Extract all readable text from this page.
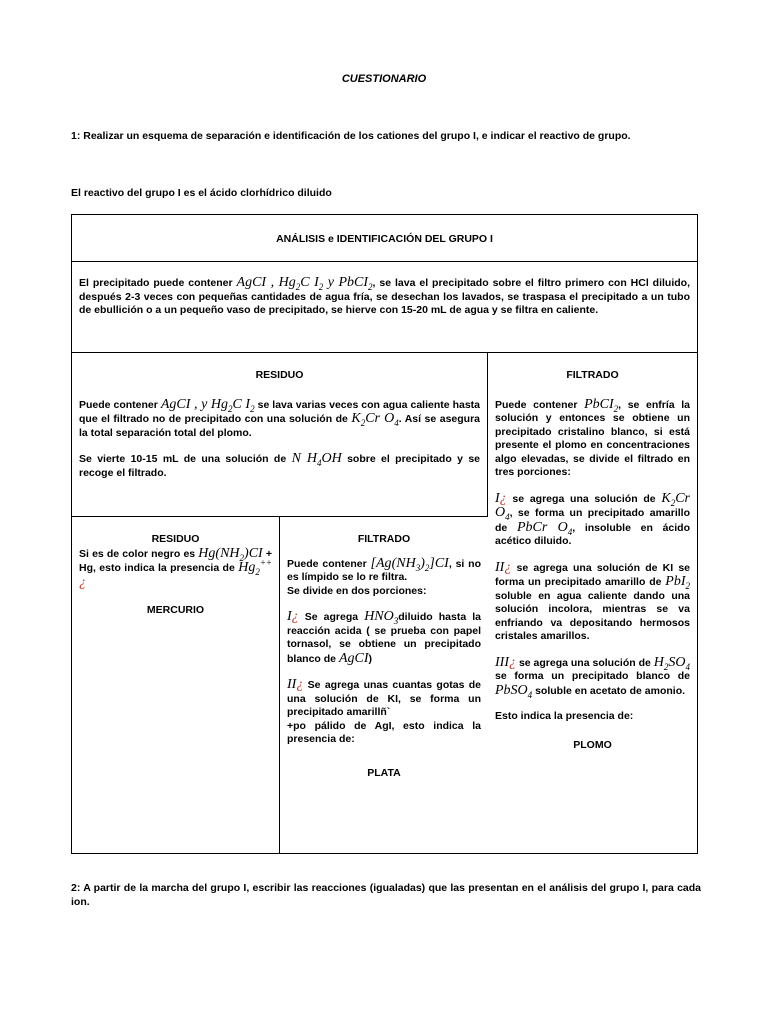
CUESTIONARIO
1: Realizar un esquema de separación e identificación de los cationes del grupo I, e indicar el reactivo de grupo.
El reactivo del grupo I es el ácido clorhídrico diluido
ANÁLISIS e IDENTIFICACIÓN DEL GRUPO I
El precipitado puede contener AgCI , $Hg_2C$ $I_2$ y PbCI$_2$, se lava el precipitado sobre el filtro primero con HCl diluido, después 2-3 veces con pequeñas cantidades de agua fría, se desechan los lavados, se traspasa el precipitado a un tubo de ebullición o a un pequeño vaso de precipitado, se hierve con 15-20 mL de agua y se filtra en caliente.

RESIDUO

Puede contener AgCI , y $Hg_2C$ $I_2$ se lava varias veces con agua caliente hasta que el filtrado no de precipitado con una solución de $K_2Cr$ $O_4$. Así se asegura la total separación total del plomo.

Se vierte 10-15 mL de una solución de N $H_4OH$ sobre el precipitado y se recoge el filtrado.

FILTRADO

Puede contener PbCI$_2$, se enfría la solución y entonces se obtiene un precipitado cristalino blanco, si está presente el plomo en concentraciones algo elevadas, se divide el filtrado en tres porciones:

I¿ se agrega una solución de $K_2Cr$ $O_4$, se forma un precipitado amarillo de PbCr $O_4$, insoluble en ácido acético diluido.

II¿ se agrega una solución de KI se forma un precipitado amarillo de PbI$_2$ soluble en agua caliente dando una solución incolora, mientras se va enfriando va depositando hermosos cristales amarillos.

III¿ se agrega una solución de $H_2SO_4$ se forma un precipitado blanco de PbSO$_4$ soluble en acetato de amonio.

Esto indica la presencia de:

PLOMO

RESIDUO

Si es de color negro es $Hg(NH_2)CI + Hg$, esto indica la presencia de $Hg_2^{++}¿$

MERCURIO

FILTRADO

Puede contener $[Ag(NH_3)_2]CI$, si no es límpido se lo re filtra.

Se divide en dos porciones:

I¿ Se agrega $HNO_3diluido$ hasta la reacción acida ( se prueba con papel tornasol, se obtiene un precipitado blanco de AgCI)

II¿ Se agrega unas cuantas gotas de una solución de KI, se forma un precipitado amarillñ`
+po pálido de AgI, esto indica la presencia de:

PLATA

2: A partir de la marcha del grupo I, escribir las reacciones (igualadas) que las presentan en el análisis del grupo I, para cada ion.
